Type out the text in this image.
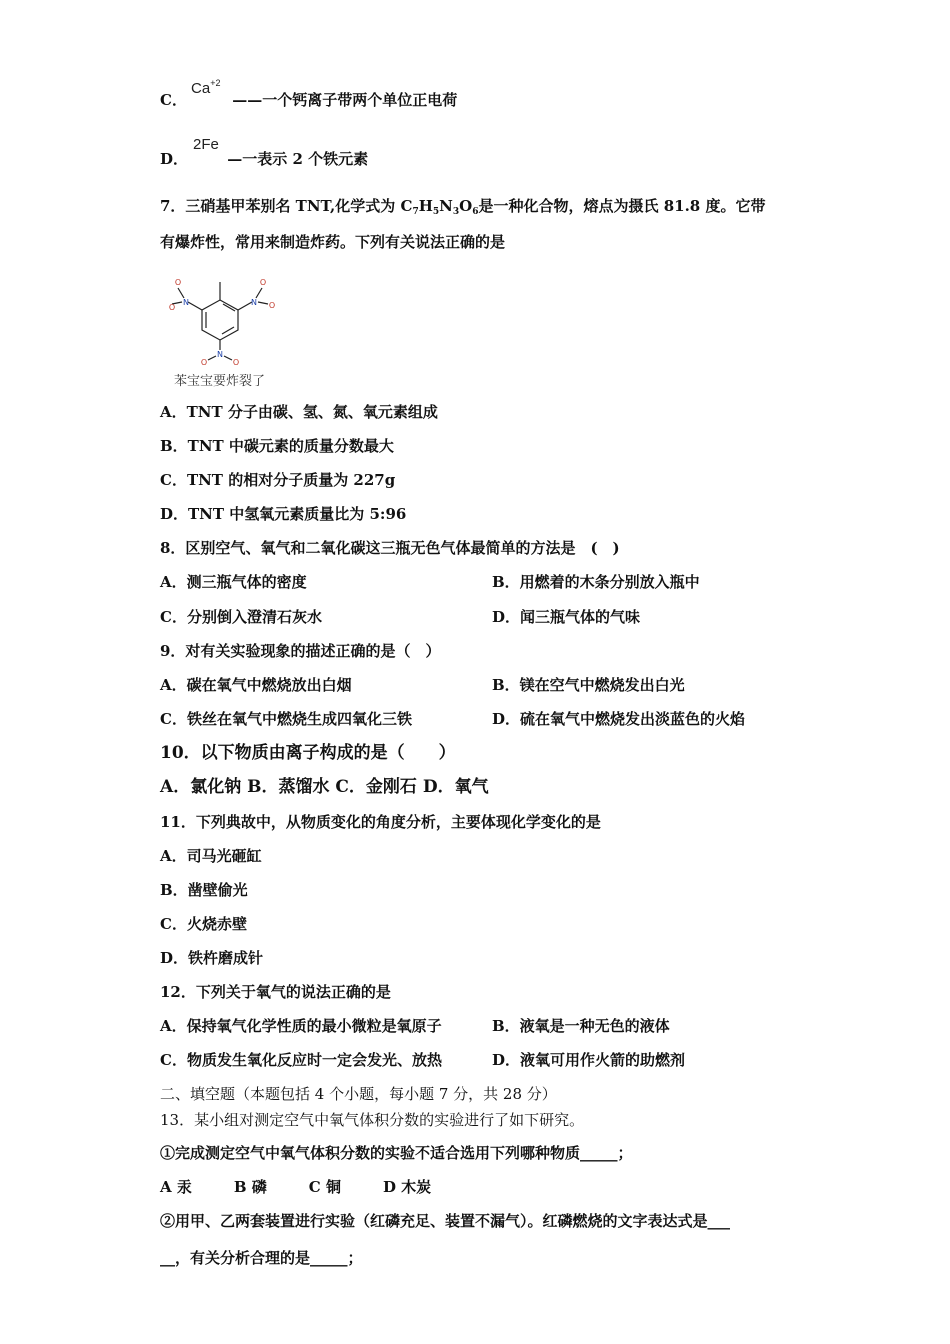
C．	——一个钙离子带两个单位正电荷
$Ca^{+2}$
D．	—一表示 2 个铁元素
2Fe
7．三硝基甲苯别名 TNT,化学式为 $C_7H_5N_3O_6$是一种化合物，熔点为摄氏 81.8 度。它带
有爆炸性，常用来制造炸药。下列有关说法正确的是
N
O
O
N
O
O
N
O	O
苯宝宝要炸裂了
A．TNT 分子由碳、氢、氮、氧元素组成
B．TNT 中碳元素的质量分数最大
C．TNT 的相对分子质量为 227g
D．TNT 中氢氧元素质量比为 5:96
8．区别空气、氧气和二氧化碳这三瓶无色气体最简单的方法是　(　)
A．测三瓶气体的密度	B．用燃着的木条分别放入瓶中
C．分别倒入澄清石灰水	D．闻三瓶气体的气味
9．对有关实验现象的描述正确的是（　）
A．碳在氧气中燃烧放出白烟	B．镁在空气中燃烧发出白光
C．铁丝在氧气中燃烧生成四氧化三铁	D．硫在氧气中燃烧发出淡蓝色的火焰
10．以下物质由离子构成的是（　　）
A．氯化钠 B．蒸馏水 C．金刚石 D．氧气
11．下列典故中，从物质变化的角度分析，主要体现化学变化的是
A．司马光砸缸
B．凿壁偷光
C．火烧赤壁
D．铁杵磨成针
12．下列关于氧气的说法正确的是
A．保持氧气化学性质的最小微粒是氧原子	B．液氧是一种无色的液体
C．物质发生氧化反应时一定会发光、放热	D．液氧可用作火箭的助燃剂
二、填空题（本题包括 4 个小题，每小题 7 分，共 28 分）
13．某小组对测定空气中氧气体积分数的实验进行了如下研究。
①完成测定空气中氧气体积分数的实验不适合选用下列哪种物质_____；
A 汞	B 磷	C 铜	D 木炭
②用甲、乙两套装置进行实验（红磷充足、装置不漏气）。红磷燃烧的文字表达式是___
__，有关分析合理的是_____；
